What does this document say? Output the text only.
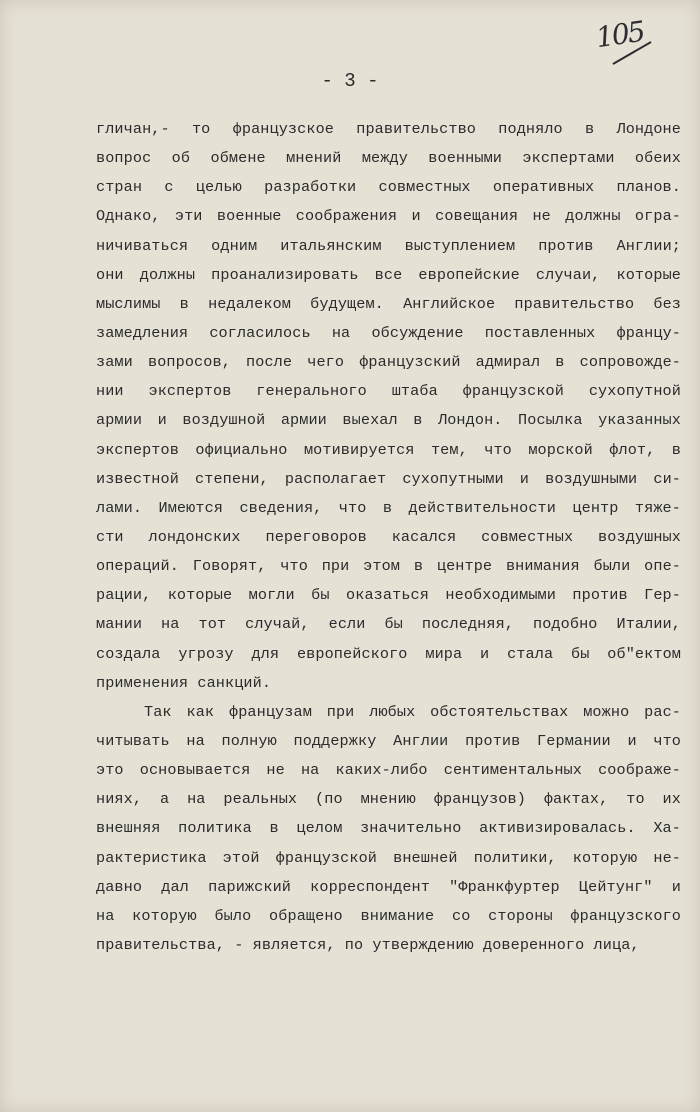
105
- 3 -
гличан,- то французское правительство подняло в Лондоне
вопрос об обмене мнений между военными экспертами обеих
стран с целью разработки совместных оперативных планов.
Однако, эти военные соображения и совещания не должны огра-
ничиваться одним итальянским выступлением против Англии;
они должны проанализировать все европейские случаи, которые
мыслимы в недалеком будущем. Английское правительство без
замедления согласилось на обсуждение поставленных францу-
зами вопросов, после чего французский адмирал в сопровожде-
нии экспертов генерального штаба французской сухопутной
армии и воздушной армии выехал в Лондон. Посылка указанных
экспертов официально мотивируется тем, что морской флот, в
известной степени, располагает сухопутными и воздушными си-
лами. Имеются сведения, что в действительности центр тяже-
сти лондонских переговоров касался совместных воздушных
операций. Говорят, что при этом в центре внимания были опе-
рации, которые могли бы оказаться необходимыми против Гер-
мании на тот случай, если бы последняя, подобно Италии,
создала угрозу для европейского мира и стала бы об"ектом
применения санкций.
Так как французам при любых обстоятельствах можно рас-
читывать на полную поддержку Англии против Германии и что
это основывается не на каких-либо сентиментальных соображе-
ниях, а на реальных (по мнению французов) фактах, то их
внешняя политика в целом значительно активизировалась. Ха-
рактеристика этой французской внешней политики, которую не-
давно дал парижский корреспондент "Франкфуртер Цейтунг" и
на которую было обращено внимание со стороны французского
правительства, - является, по утверждению доверенного лица,
